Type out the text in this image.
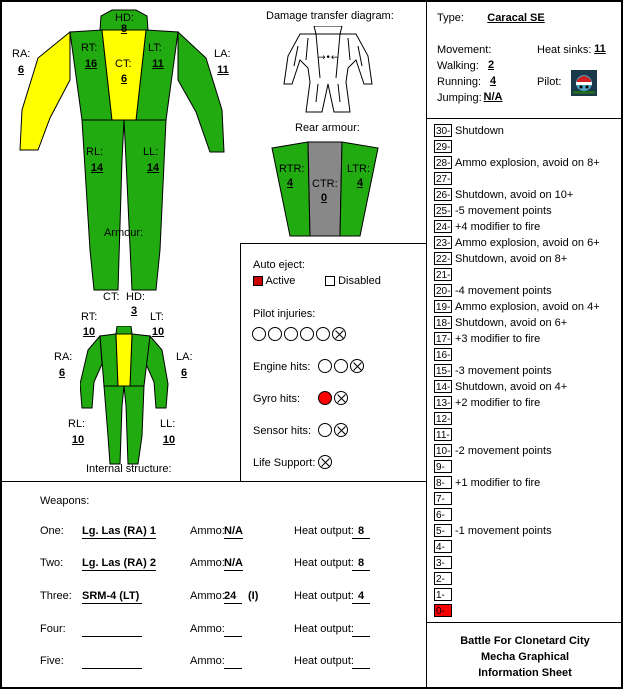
HD:
8
RA:
6
RT:
16	CT:
6
LT:
11
LA:
11
RL:
14
LL:
14
Armour:
Damage transfer diagram:
→•←
Rear armour:
RTR:
4	CTR:
0
LTR:
4
CT: HD:
RT:	3	LT:
10	10
RA:
6
LA:
6
RL:
10
LL:
10
Internal structure:
Auto eject:
Active	Disabled
Pilot injuries:
Engine hits:
Gyro hits:
Sensor hits:
Life Support:
Type:	Caracal SE
Movement:	Heat sinks: 11
Walking: 2
Running: 4
Jumping: N/A
Pilot:
30- Shutdown
29-
28- Ammo explosion, avoid on 8+
27-
26- Shutdown, avoid on 10+
25- -5 movement points
24- +4 modifier to fire
23- Ammo explosion, avoid on 6+
22- Shutdown, avoid on 8+
21-
20- -4 movement points
19- Ammo explosion, avoid on 4+
18- Shutdown, avoid on 6+
17- +3 modifier to fire
16-
15- -3 movement points
14- Shutdown, avoid on 4+
13- +2 modifier to fire
12-
11-
10- -2 movement points
9-
8- +1 modifier to fire
7-
6-
5- -1 movement points
4-
3-
2-
1-
0-
Weapons:
One: Lg. Las (RA) 1	Ammo: N/A	Heat output: 8
Two: Lg. Las (RA) 2	Ammo: N/A	Heat output: 8
Three: SRM-4 (LT)	Ammo: 24	(I)	Heat output: 4
Four:	Ammo:	Heat output:
Five:	Ammo:	Heat output:
Battle For Clonetard City
Mecha Graphical
Information Sheet
